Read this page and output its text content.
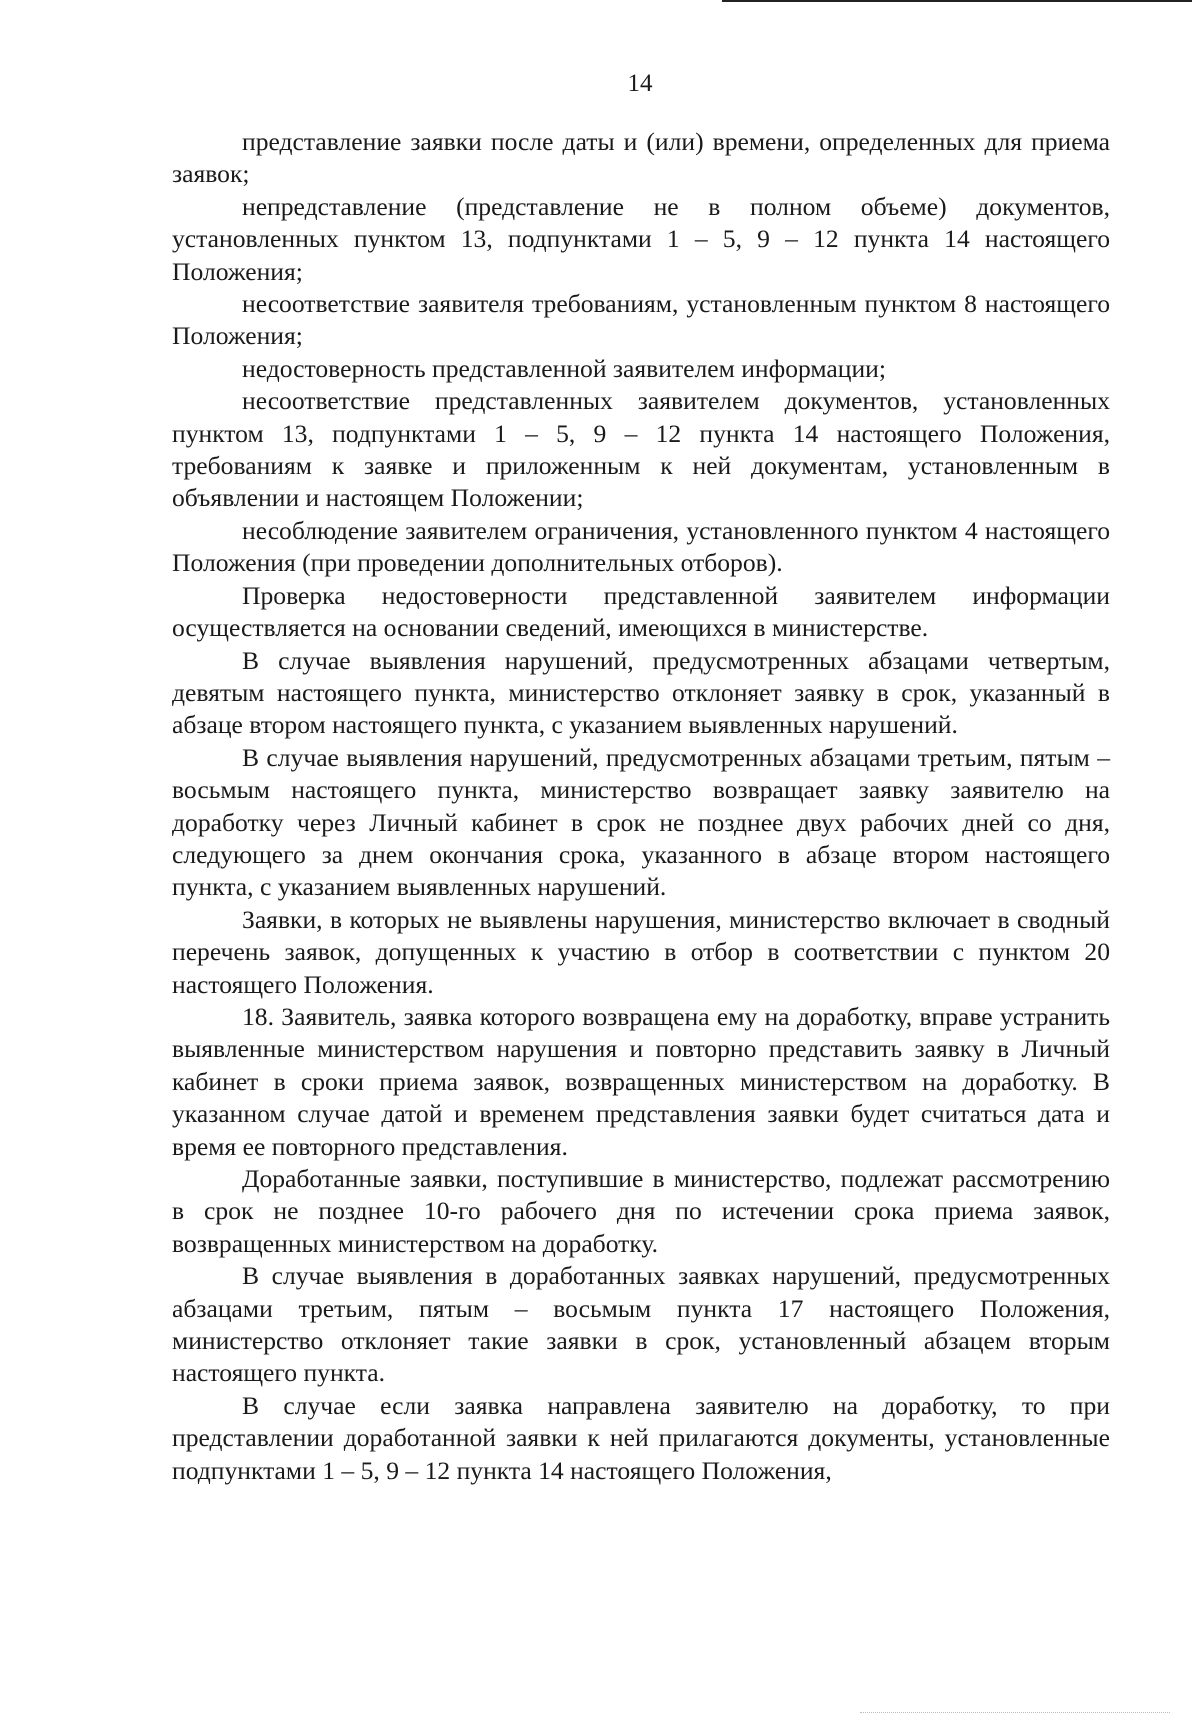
14

представление заявки после даты и (или) времени, определенных для приема заявок;

непредставление (представление не в полном объеме) документов, установленных пунктом 13, подпунктами 1 – 5, 9 – 12 пункта 14 настоящего Положения;

несоответствие заявителя требованиям, установленным пунктом 8 настоящего Положения;

недостоверность представленной заявителем информации;

несоответствие представленных заявителем документов, установленных пунктом 13, подпунктами 1 – 5, 9 – 12 пункта 14 настоящего Положения, требованиям к заявке и приложенным к ней документам, установленным в объявлении и настоящем Положении;

несоблюдение заявителем ограничения, установленного пунктом 4 настоящего Положения (при проведении дополнительных отборов).

Проверка недостоверности представленной заявителем информации осуществляется на основании сведений, имеющихся в министерстве.

В случае выявления нарушений, предусмотренных абзацами четвертым, девятым настоящего пункта, министерство отклоняет заявку в срок, указанный в абзаце втором настоящего пункта, с указанием выявленных нарушений.

В случае выявления нарушений, предусмотренных абзацами третьим, пятым – восьмым настоящего пункта, министерство возвращает заявку заявителю на доработку через Личный кабинет в срок не позднее двух рабочих дней со дня, следующего за днем окончания срока, указанного в абзаце втором настоящего пункта, с указанием выявленных нарушений.

Заявки, в которых не выявлены нарушения, министерство включает в сводный перечень заявок, допущенных к участию в отбор в соответствии с пунктом 20 настоящего Положения.

18. Заявитель, заявка которого возвращена ему на доработку, вправе устранить выявленные министерством нарушения и повторно представить заявку в Личный кабинет в сроки приема заявок, возвращенных министерством на доработку. В указанном случае датой и временем представления заявки будет считаться дата и время ее повторного представления.

Доработанные заявки, поступившие в министерство, подлежат рассмотрению в срок не позднее 10-го рабочего дня по истечении срока приема заявок, возвращенных министерством на доработку.

В случае выявления в доработанных заявках нарушений, предусмотренных абзацами третьим, пятым – восьмым пункта 17 настоящего Положения, министерство отклоняет такие заявки в срок, установленный абзацем вторым настоящего пункта.

В случае если заявка направлена заявителю на доработку, то при представлении доработанной заявки к ней прилагаются документы, установленные подпунктами 1 – 5, 9 – 12 пункта 14 настоящего Положения,
